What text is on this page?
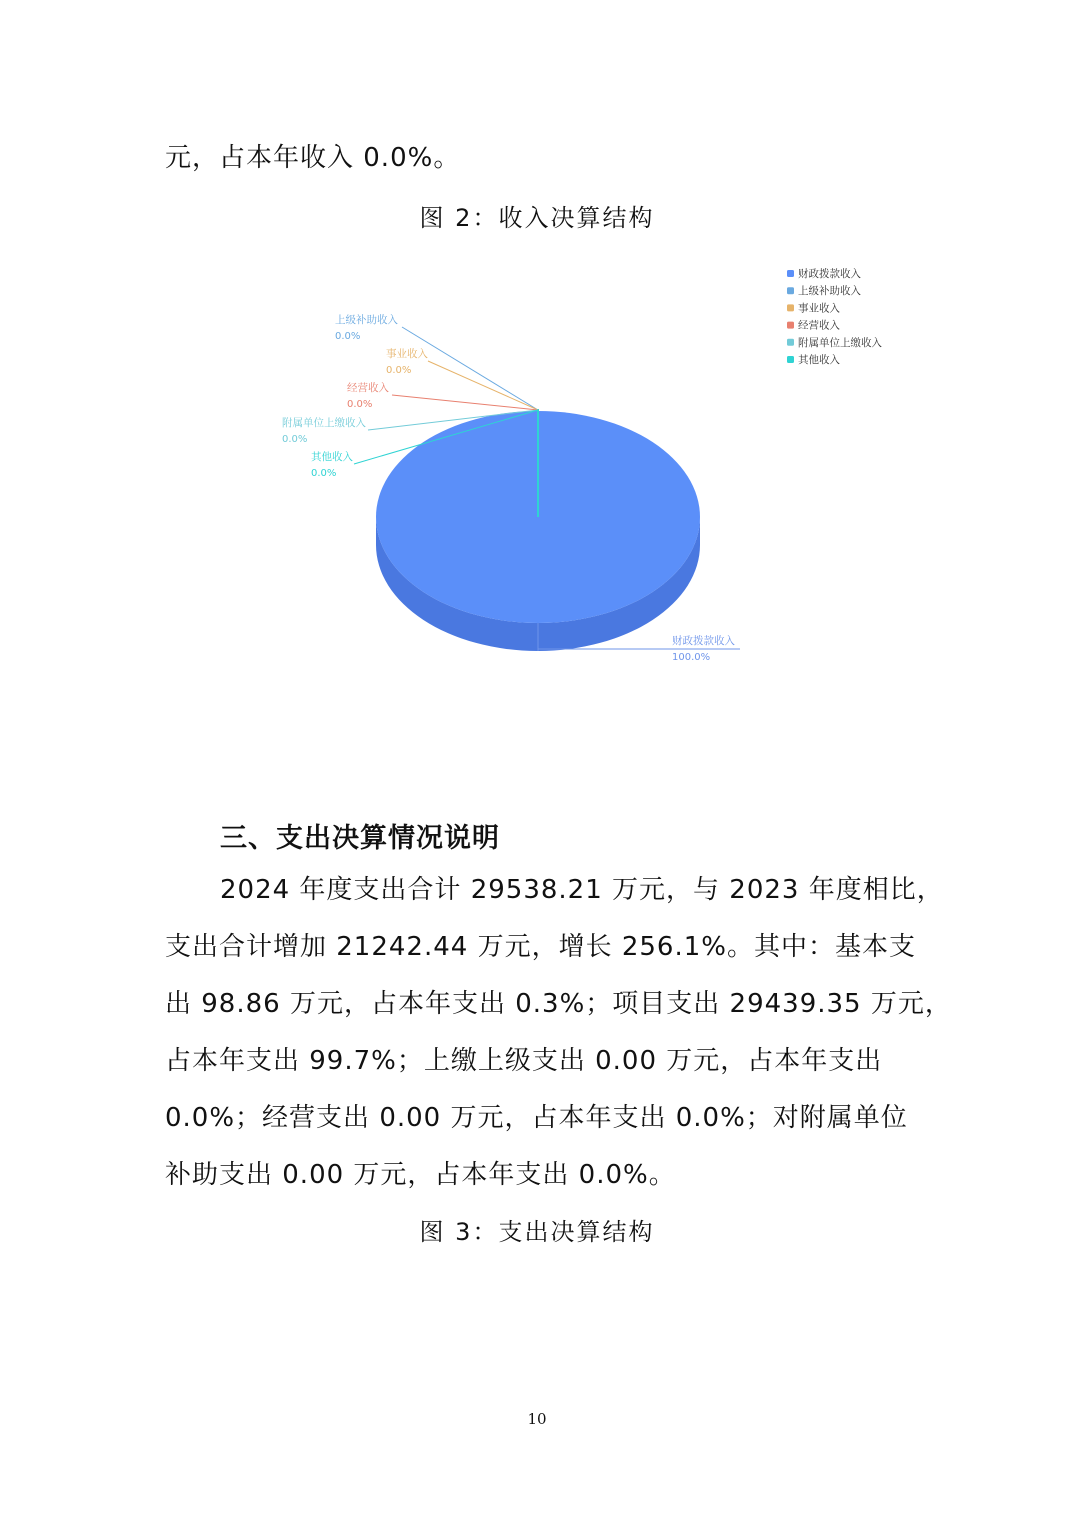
元，占本年收入 0.0%。
图 2：收入决算结构
财政拨款收入
100.0%
上级补助收入
0.0%
事业收入
0.0%
经营收入
0.0%
附属单位上缴收入
0.0%
其他收入
0.0%
财政拨款收入
上级补助收入
事业收入
经营收入
附属单位上缴收入
其他收入
三、支出决算情况说明
2024 年度支出合计 29538.21 万元，与 2023 年度相比，
支出合计增加 21242.44 万元，增长 256.1%。其中：基本支
出 98.86 万元，占本年支出 0.3%；项目支出 29439.35 万元，
占本年支出 99.7%；上缴上级支出 0.00 万元，占本年支出
0.0%；经营支出 0.00 万元，占本年支出 0.0%；对附属单位
补助支出 0.00 万元，占本年支出 0.0%。
图 3：支出决算结构
10
